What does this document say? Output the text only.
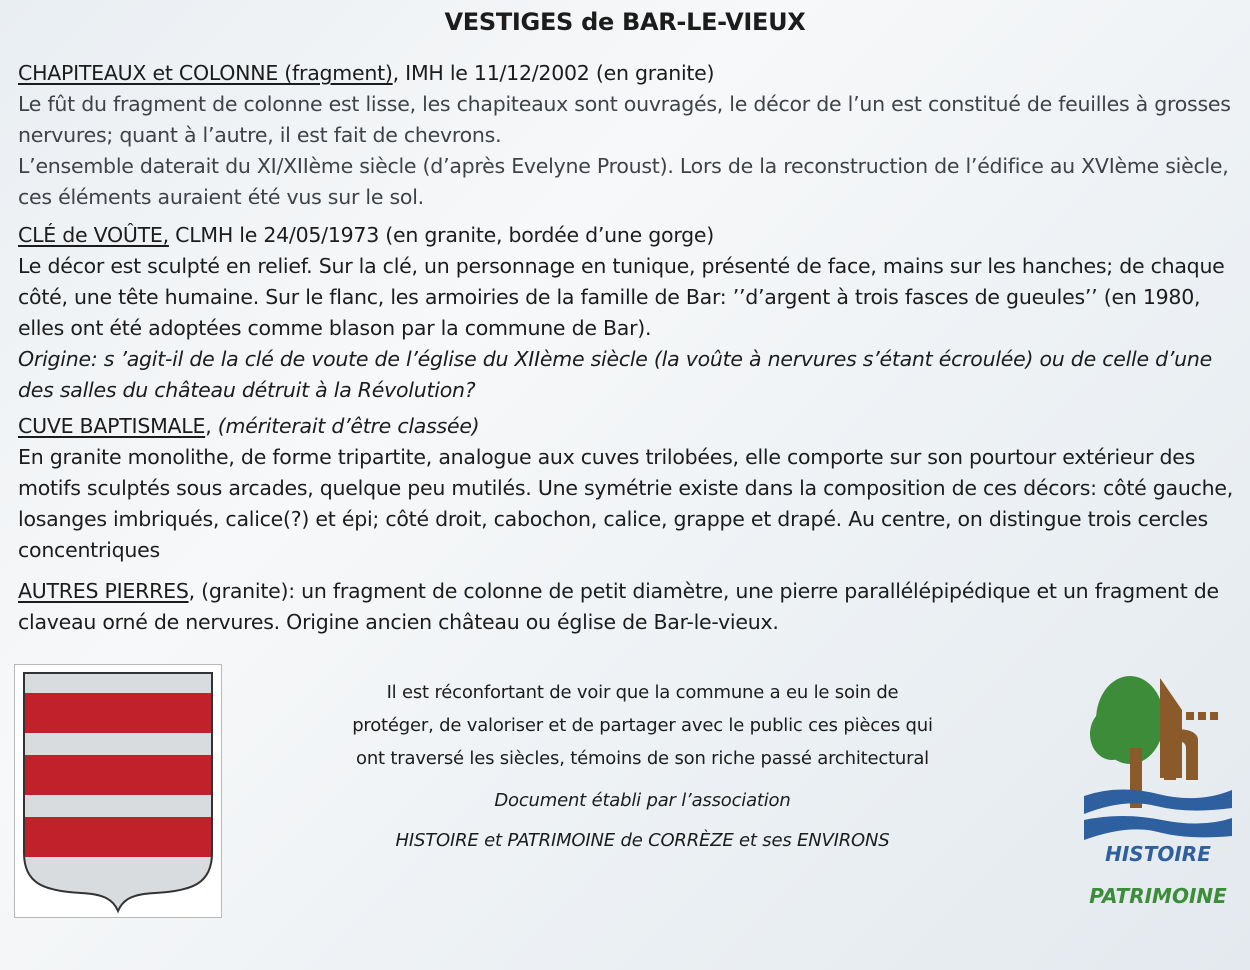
VESTIGES de BAR-LE-VIEUX

CHAPITEAUX et COLONNE (fragment), IMH le 11/12/2002 (en granite)

Le fût du fragment de colonne est lisse, les chapiteaux sont ouvragés, le décor de l’un est constitué de feuilles à grosses nervures; quant à l’autre, il est fait de chevrons.

L’ensemble daterait du XI/XIIème siècle (d’après Evelyne Proust). Lors de la reconstruction de l’édifice au XVIème siècle, ces éléments auraient été vus sur le sol.

CLÉ de VOÛTE, CLMH le 24/05/1973 (en granite, bordée d’une gorge)

Le décor est sculpté en relief. Sur la clé, un personnage en tunique, présenté de face, mains sur les hanches; de chaque côté, une tête humaine. Sur le flanc, les armoiries de la famille de Bar: ’’d’argent à trois fasces de gueules’’ (en 1980, elles ont été adoptées comme blason par la commune de Bar).

Origine: s ’agit-il de la clé de voute de l’église du XIIème siècle (la voûte à nervures s’étant écroulée) ou de celle d’une des salles du château détruit à la Révolution?

CUVE BAPTISMALE, (mériterait d’être classée)

En granite monolithe, de forme tripartite, analogue aux cuves trilobées, elle comporte sur son pourtour extérieur des motifs sculptés sous arcades, quelque peu mutilés. Une symétrie existe dans la composition de ces décors: côté gauche, losanges imbriqués, calice(?) et épi; côté droit, cabochon, calice, grappe et drapé. Au centre, on distingue trois cercles concentriques

AUTRES PIERRES, (granite): un fragment de colonne de petit diamètre, une pierre parallélépipédique et un fragment de claveau orné de nervures. Origine ancien château ou église de Bar-le-vieux.

Il est réconfortant de voir que la commune a eu le soin de

protéger, de valoriser et de partager avec le public ces pièces qui

ont traversé les siècles, témoins de son riche passé architectural

Document établi par l’association

HISTOIRE et PATRIMOINE de CORRÈZE et ses ENVIRONS

HISTOIRE
PATRIMOINE
